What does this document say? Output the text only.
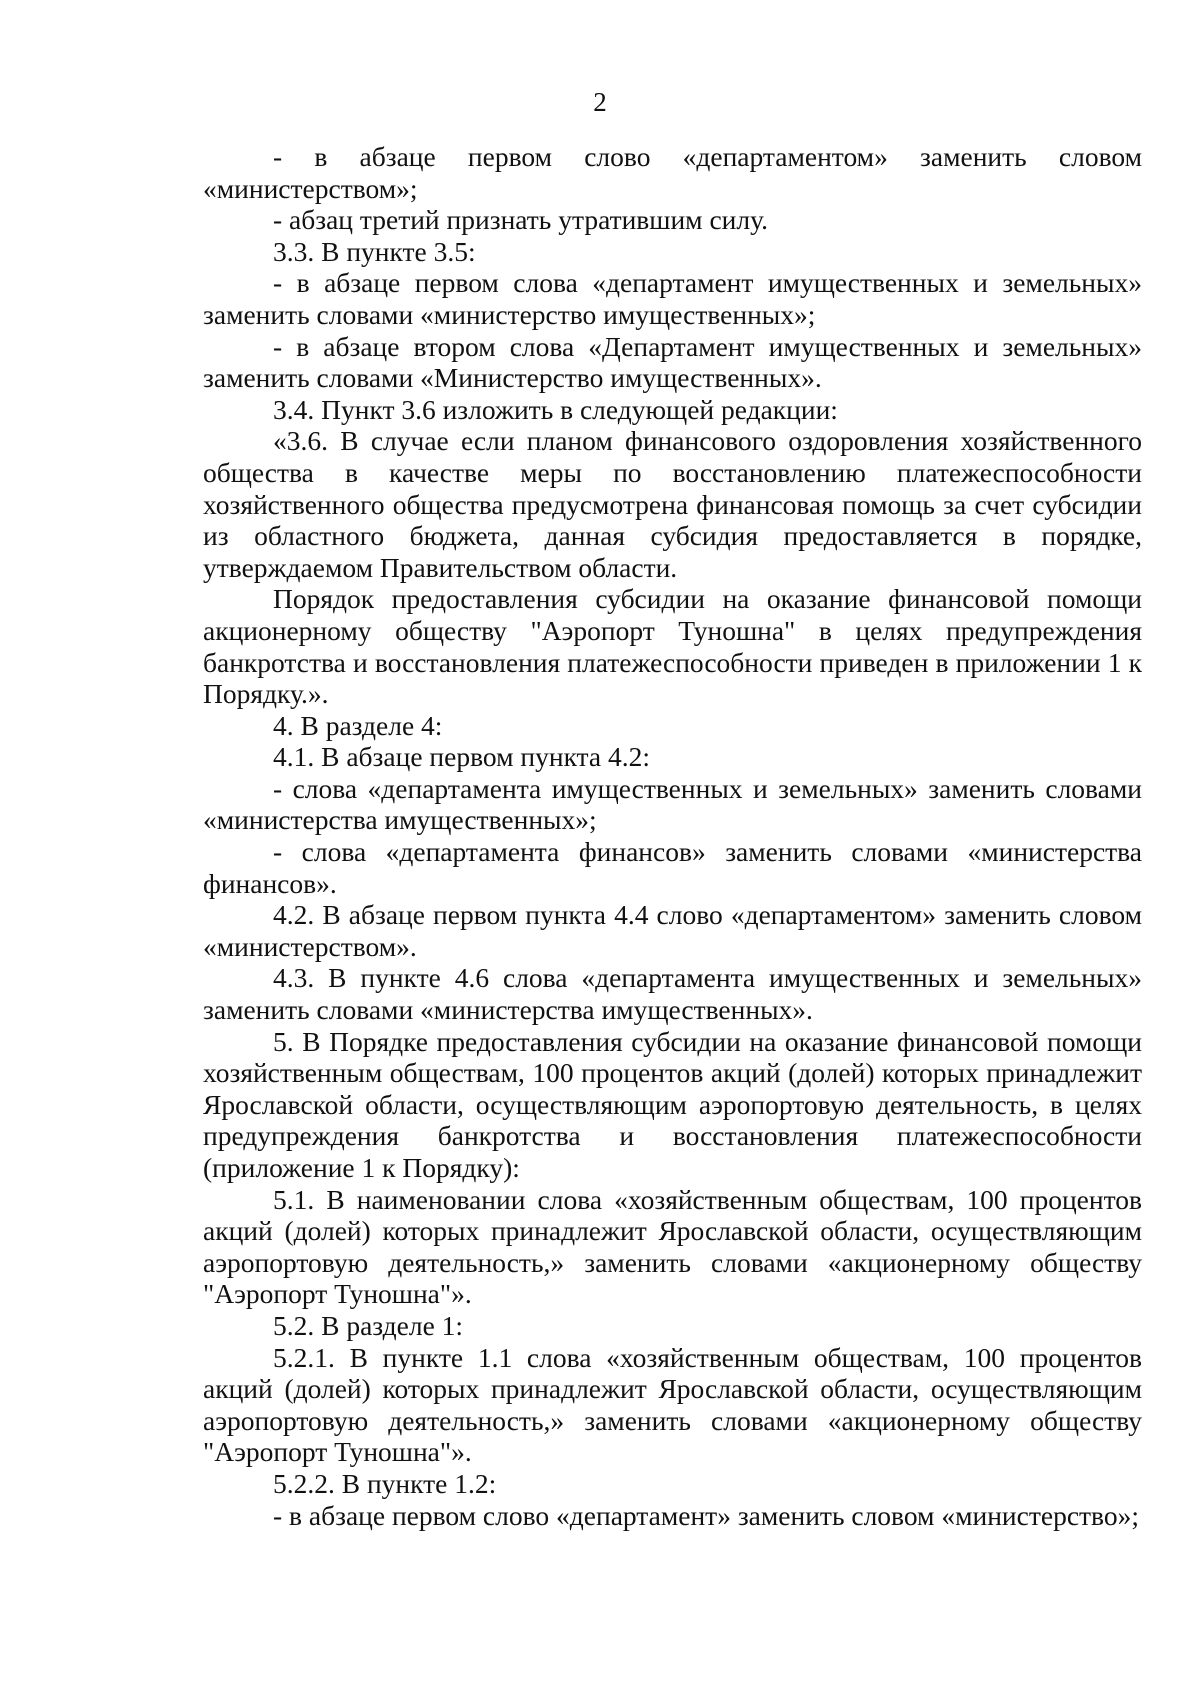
2

- в абзаце первом слово «департаментом» заменить словом «министерством»;

- абзац третий признать утратившим силу.

3.3. В пункте 3.5:

- в абзаце первом слова «департамент имущественных и земельных» заменить словами «министерство имущественных»;

- в абзаце втором слова «Департамент имущественных и земельных» заменить словами «Министерство имущественных».

3.4. Пункт 3.6 изложить в следующей редакции:

«3.6. В случае если планом финансового оздоровления хозяйственного общества в качестве меры по восстановлению платежеспособности хозяйственного общества предусмотрена финансовая помощь за счет субсидии из областного бюджета, данная субсидия предоставляется в порядке, утверждаемом Правительством области.

Порядок предоставления субсидии на оказание финансовой помощи акционерному обществу "Аэропорт Туношна" в целях предупреждения банкротства и восстановления платежеспособности приведен в приложении 1 к Порядку.».

4. В разделе 4:

4.1. В абзаце первом пункта 4.2:

- слова «департамента имущественных и земельных» заменить словами «министерства имущественных»;

- слова «департамента финансов» заменить словами «министерства финансов».

4.2. В абзаце первом пункта 4.4 слово «департаментом» заменить словом «министерством».

4.3. В пункте 4.6 слова «департамента имущественных и земельных» заменить словами «министерства имущественных».

5. В Порядке предоставления субсидии на оказание финансовой помощи хозяйственным обществам, 100 процентов акций (долей) которых принадлежит Ярославской области, осуществляющим аэропортовую деятельность, в целях предупреждения банкротства и восстановления платежеспособности (приложение 1 к Порядку):

5.1. В наименовании слова «хозяйственным обществам, 100 процентов акций (долей) которых принадлежит Ярославской области, осуществляющим аэропортовую деятельность,» заменить словами «акционерному обществу "Аэропорт Туношна"».

5.2. В разделе 1:

5.2.1. В пункте 1.1 слова «хозяйственным обществам, 100 процентов акций (долей) которых принадлежит Ярославской области, осуществляющим аэропортовую деятельность,» заменить словами «акционерному обществу "Аэропорт Туношна"».

5.2.2. В пункте 1.2:

- в абзаце первом слово «департамент» заменить словом «министерство»;
